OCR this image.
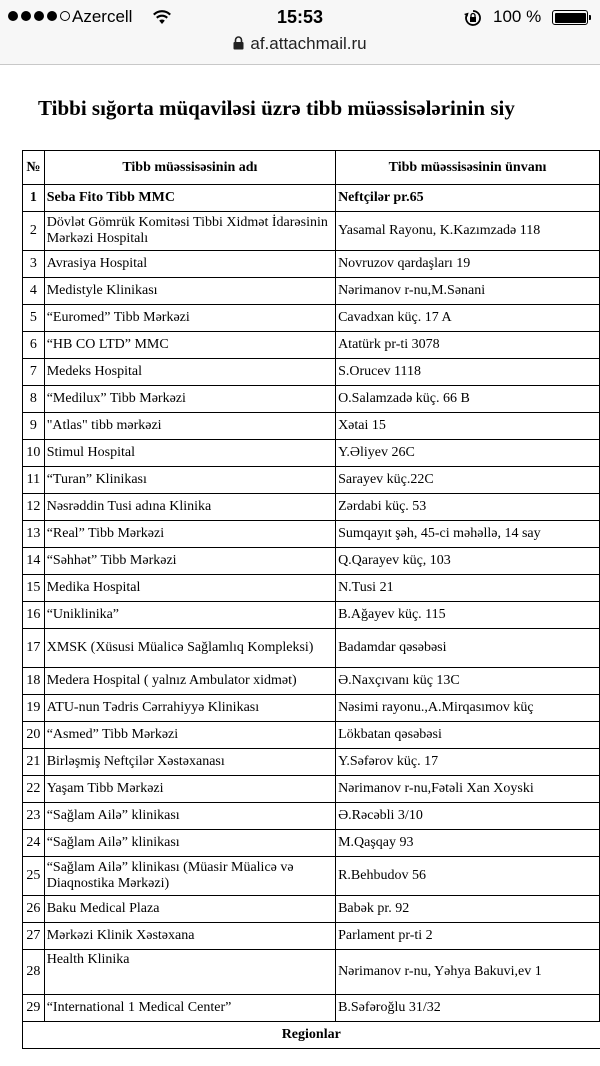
Azercell	15:53	100 %
af.attachmail.ru
Tibbi sığorta müqaviləsi üzrə tibb müəssisələrinin siy
№	Tibb müəssisəsinin adı	Tibb müəssisəsinin ünvanı
1	Seba Fito Tibb MMC	Neftçilər pr.65
2	Dövlət Gömrük Komitəsi Tibbi Xidmət İdarəsinin Mərkəzi Hospitalı	Yasamal Rayonu, K.Kazımzadə 118
3	Avrasiya Hospital	Novruzov qardaşları 19
4	Medistyle Klinikası	Nərimanov r-nu,M.Sənani
5	“Euromed” Tibb Mərkəzi	Cavadxan küç. 17 A
6	“HB CO LTD” MMC	Atatürk pr-ti 3078
7	Medeks Hospital	S.Orucev 1118
8	“Medilux” Tibb Mərkəzi	O.Salamzadə küç. 66 B
9	"Atlas" tibb mərkəzi	Xətai 15
10	Stimul Hospital	Y.Əliyev 26C
11	“Turan” Klinikası	Sarayev küç.22C
12	Nəsrəddin Tusi adına Klinika	Zərdabi küç. 53
13	“Real” Tibb Mərkəzi	Sumqayıt şəh, 45-ci məhəllə, 14 say
14	“Səhhət” Tibb Mərkəzi	Q.Qarayev küç, 103
15	Medika Hospital	N.Tusi 21
16	“Uniklinika”	B.Ağayev küç. 115
17	XMSK (Xüsusi Müalicə Sağlamlıq Kompleksi)	Badamdar qəsəbəsi
18	Medera Hospital ( yalnız Ambulator xidmət)	Ə.Naxçıvanı küç 13C
19	ATU-nun Tədris Cərrahiyyə Klinikası	Nəsimi rayonu.,A.Mirqasımov küç
20	“Asmed” Tibb Mərkəzi	Lökbatan qəsəbəsi
21	Birləşmiş Neftçilər Xəstəxanası	Y.Səfərov küç. 17
22	Yaşam Tibb Mərkəzi	Nərimanov r-nu,Fətəli Xan Xoyski
23	“Sağlam Ailə” klinikası	Ə.Rəcəbli 3/10
24	“Sağlam Ailə” klinikası	M.Qaşqay 93
25	“Sağlam Ailə” klinikası (Müasir Müalicə və Diaqnostika Mərkəzi)	R.Behbudov 56
26	Baku Medical Plaza	Babək pr. 92
27	Mərkəzi Klinik Xəstəxana	Parlament pr-ti 2
28	Health Klinika	Nərimanov r-nu, Yəhya Bakuvi,ev 1
29	“International 1 Medical Center”	B.Səfəroğlu 31/32
Regionlar		
